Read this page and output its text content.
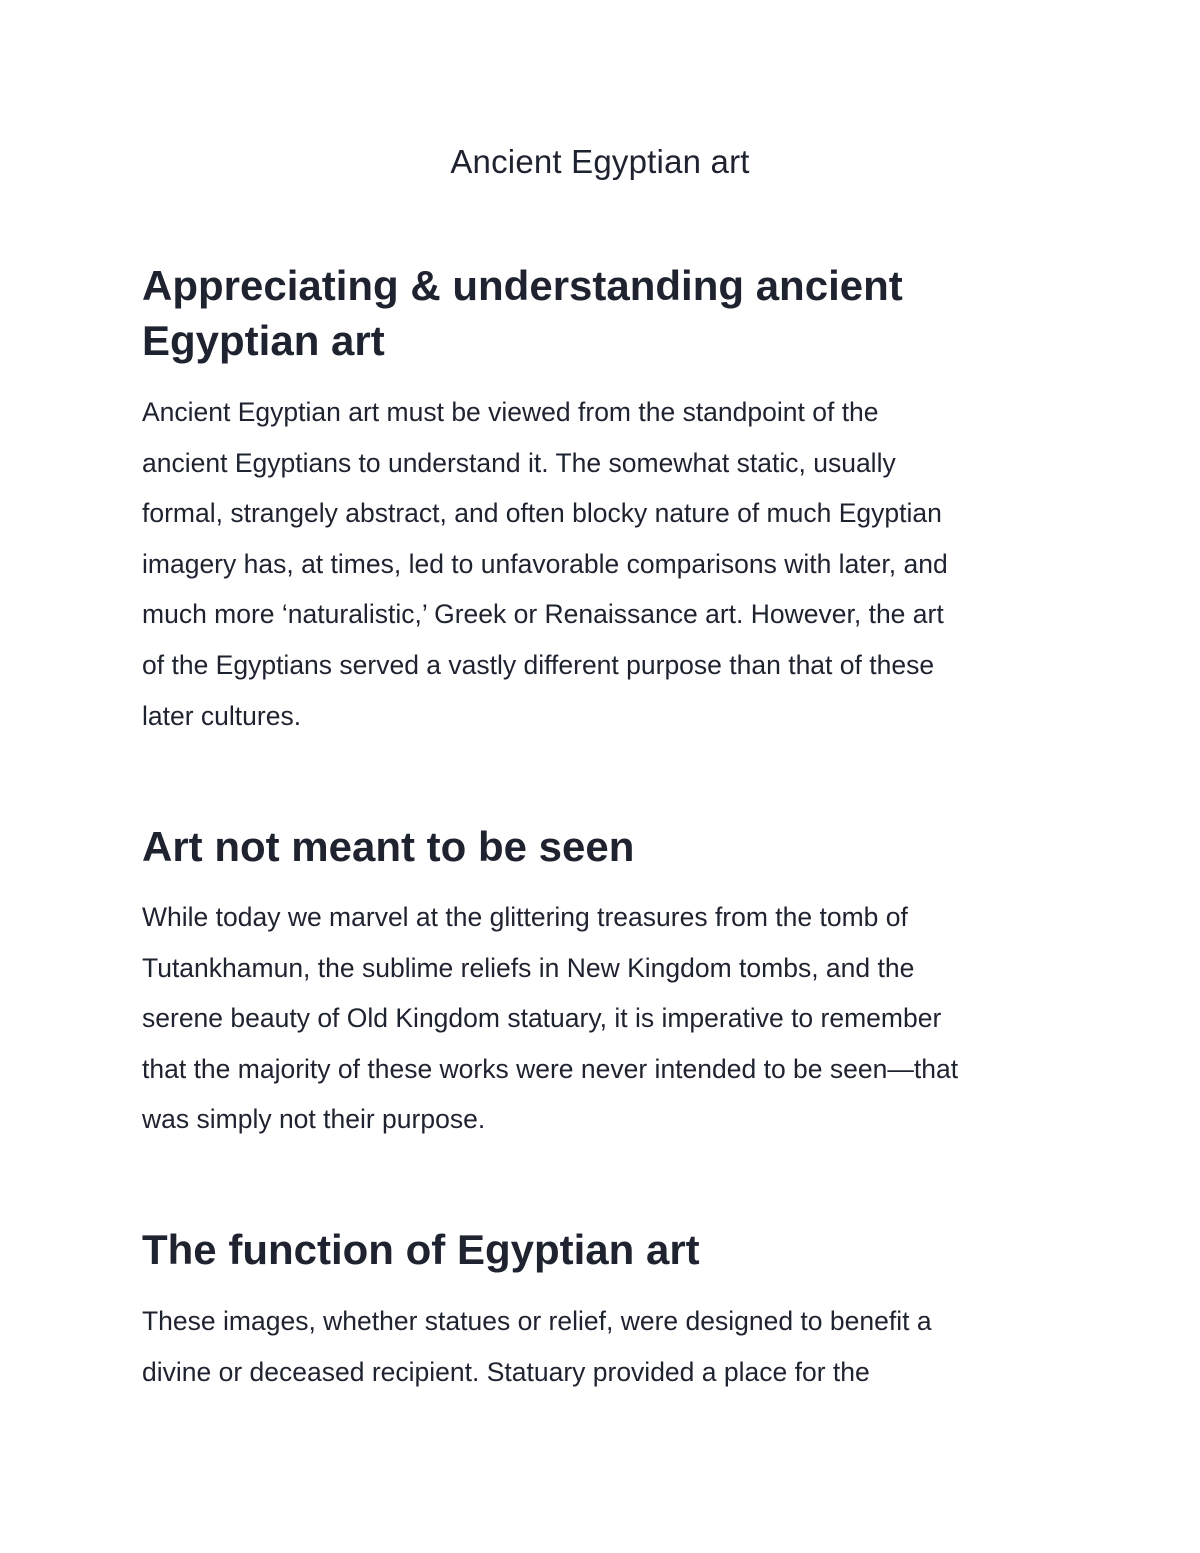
Ancient Egyptian art
Appreciating & understanding ancient
Egyptian art
Ancient Egyptian art must be viewed from the standpoint of the
ancient Egyptians to understand it. The somewhat static, usually
formal, strangely abstract, and often blocky nature of much Egyptian
imagery has, at times, led to unfavorable comparisons with later, and
much more ‘naturalistic,’ Greek or Renaissance art. However, the art
of the Egyptians served a vastly different purpose than that of these
later cultures.
Art not meant to be seen
While today we marvel at the glittering treasures from the tomb of
Tutankhamun, the sublime reliefs in New Kingdom tombs, and the
serene beauty of Old Kingdom statuary, it is imperative to remember
that the majority of these works were never intended to be seen—that
was simply not their purpose.
The function of Egyptian art
These images, whether statues or relief, were designed to benefit a
divine or deceased recipient. Statuary provided a place for the
